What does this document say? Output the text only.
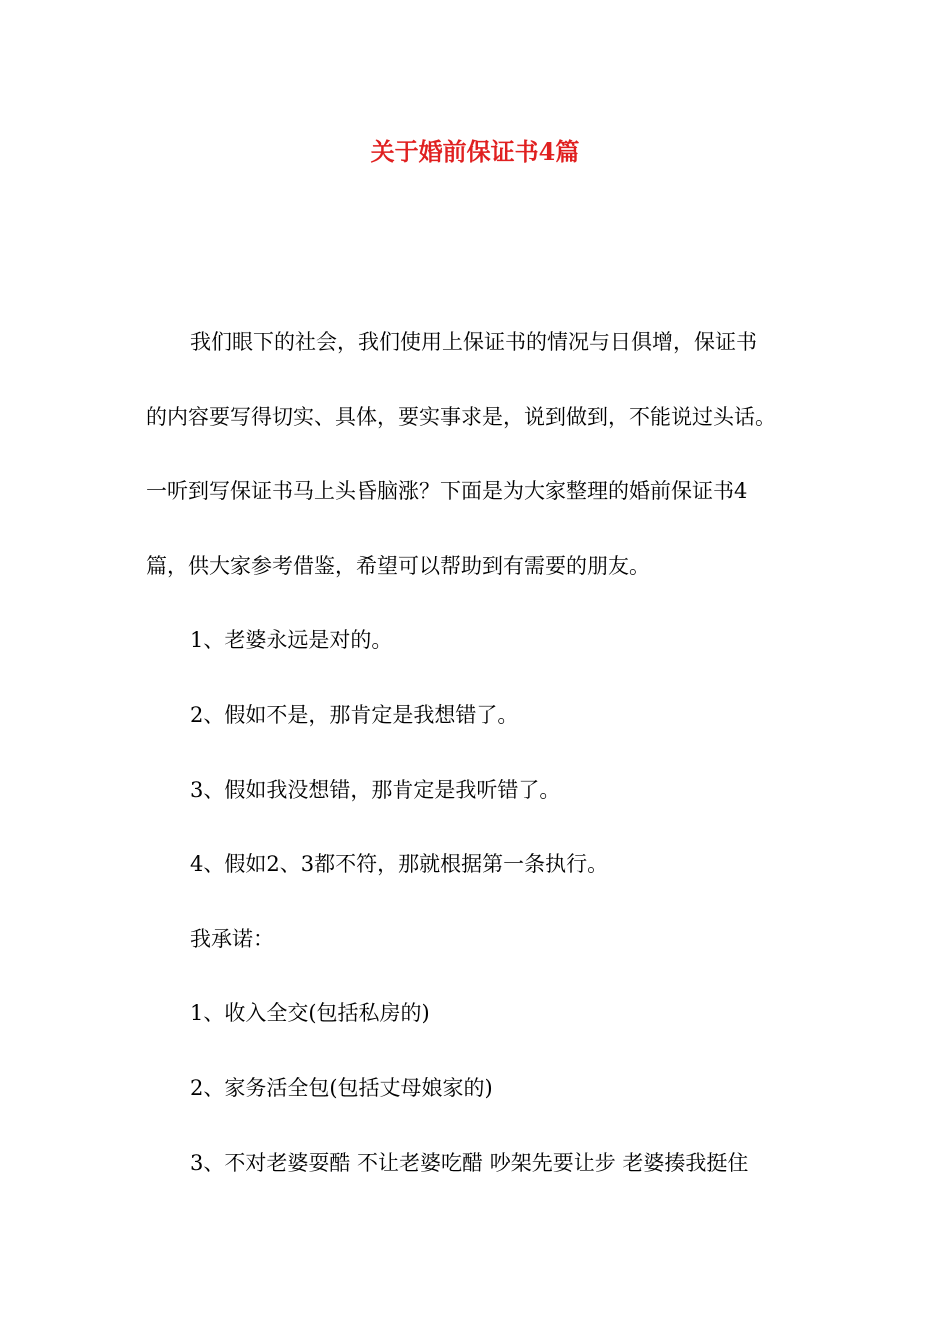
关于婚前保证书4篇
我们眼下的社会，我们使用上保证书的情况与日俱增，保证书
的内容要写得切实、具体，要实事求是，说到做到，不能说过头话。
一听到写保证书马上头昏脑涨？下面是为大家整理的婚前保证书4
篇，供大家参考借鉴，希望可以帮助到有需要的朋友。
1、老婆永远是对的。
2、假如不是，那肯定是我想错了。
3、假如我没想错，那肯定是我听错了。
4、假如2、3都不符，那就根据第一条执行。
我承诺：
1、收入全交(包括私房的)
2、家务活全包(包括丈母娘家的)
3、不对老婆耍酷 不让老婆吃醋 吵架先要让步 老婆揍我挺住
